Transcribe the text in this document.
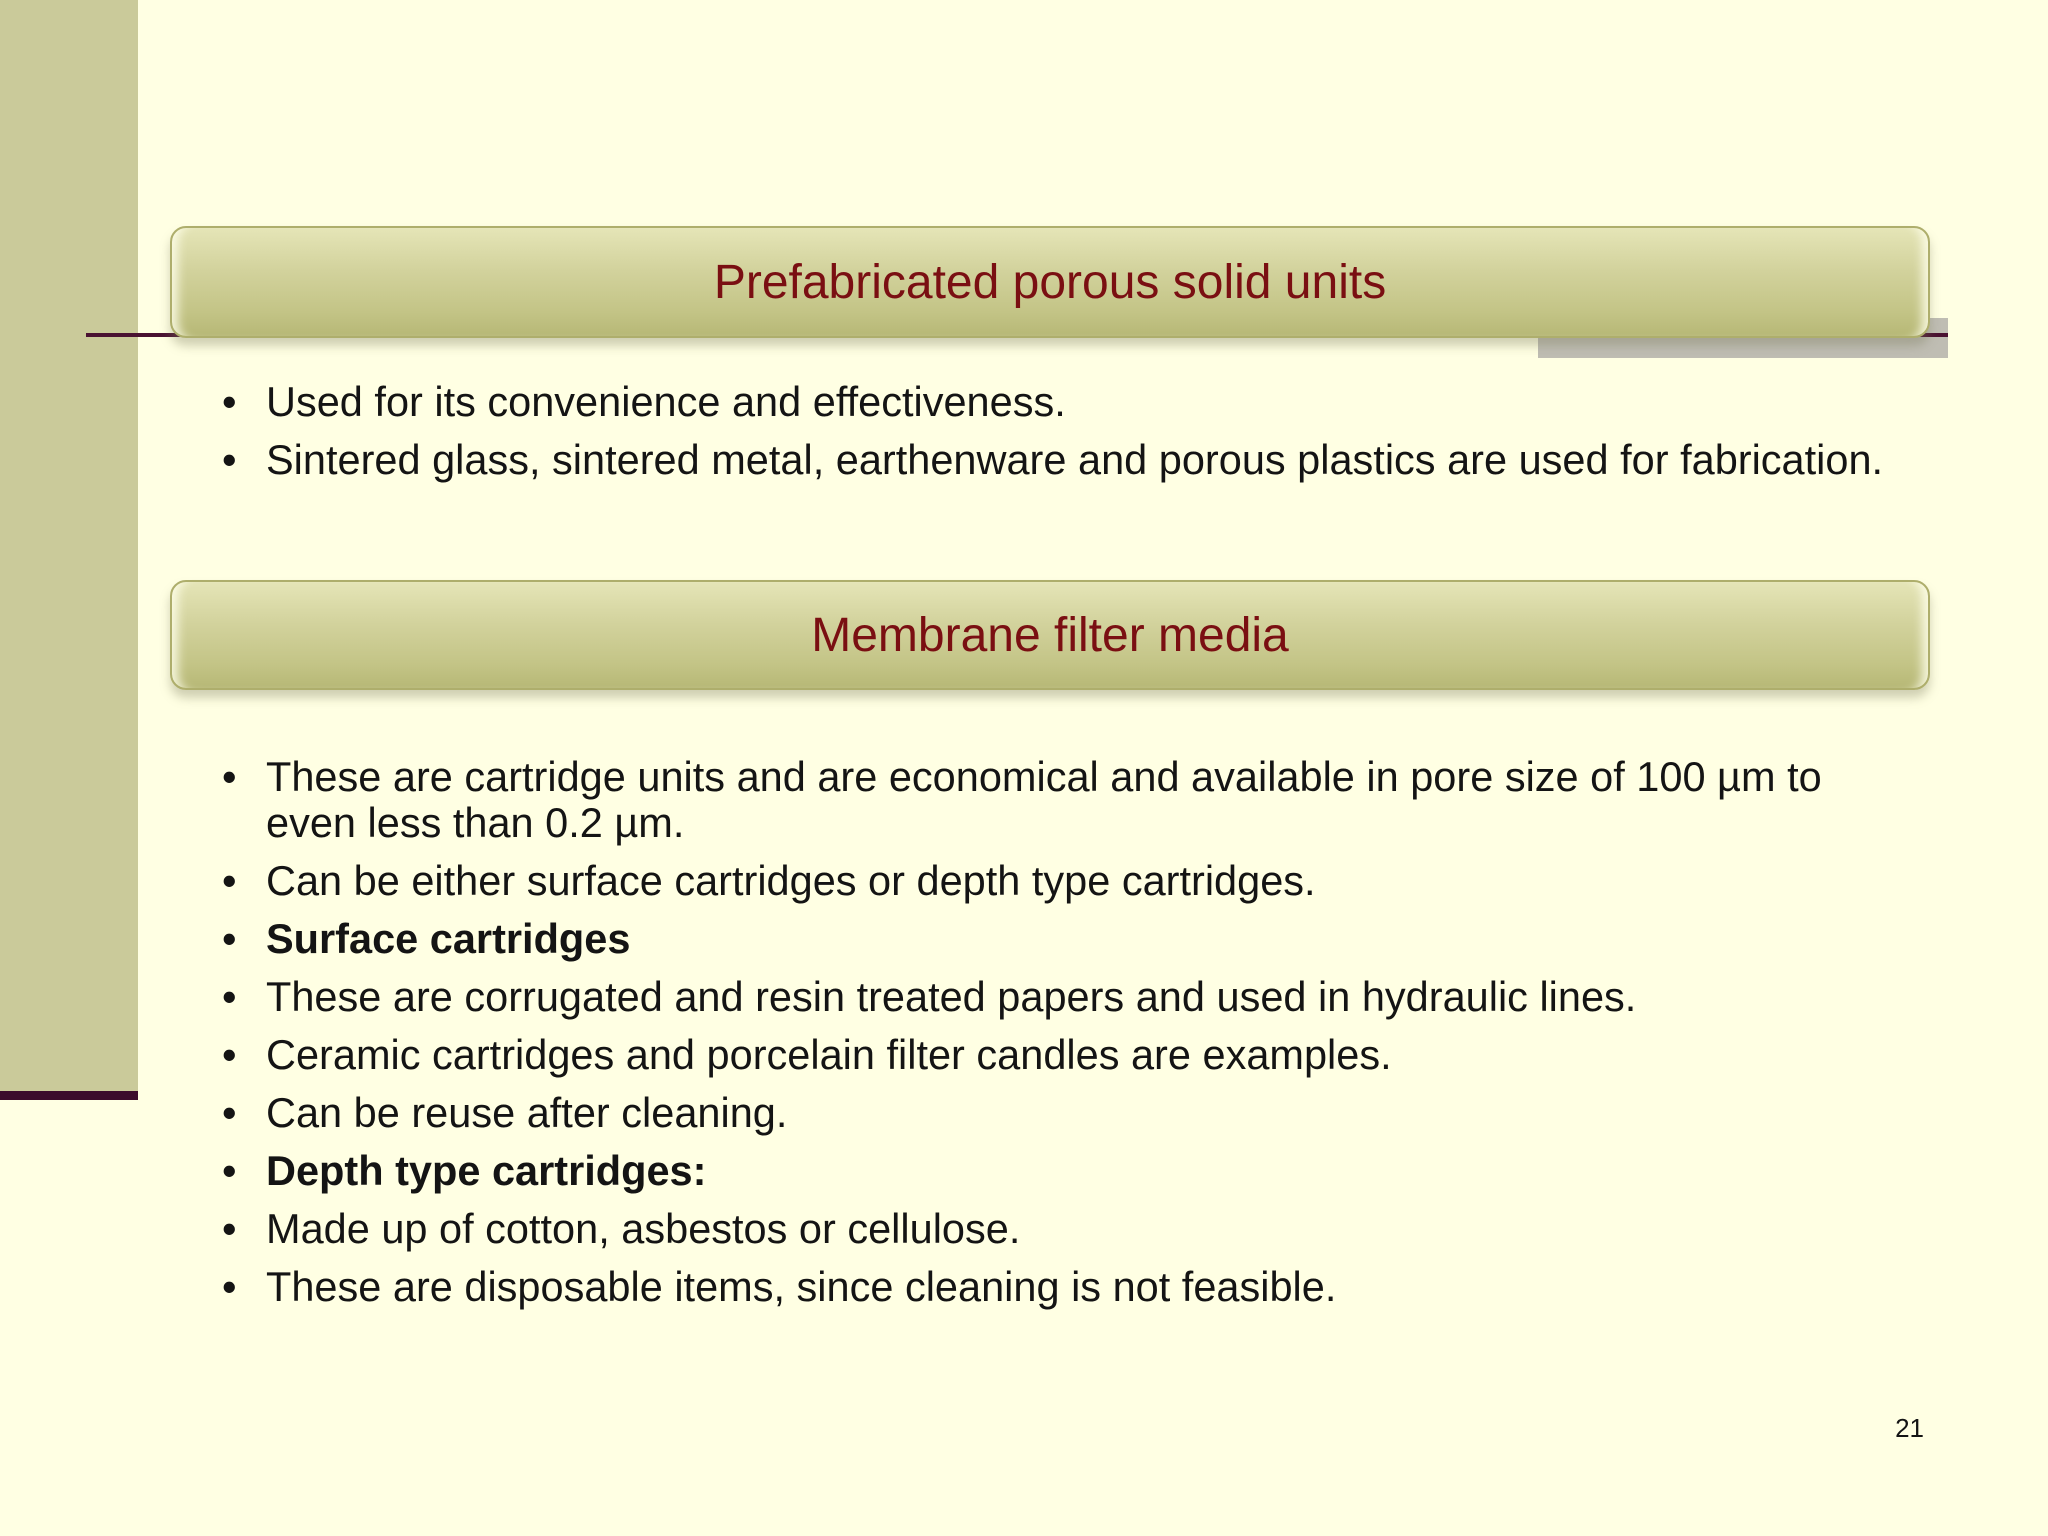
Prefabricated porous solid units
• Used for its convenience and effectiveness.
• Sintered glass, sintered metal, earthenware and porous plastics are used for fabrication.
Membrane filter media
• These are cartridge units and are economical and available in pore size of 100 µm to even less than 0.2 µm.
• Can be either surface cartridges or depth type cartridges.
• Surface cartridges
• These are corrugated and resin treated papers and used in hydraulic lines.
• Ceramic cartridges and porcelain filter candles are examples.
• Can be reuse after cleaning.
• Depth type cartridges:
• Made up of cotton, asbestos or cellulose.
• These are disposable items, since cleaning is not feasible.
21
